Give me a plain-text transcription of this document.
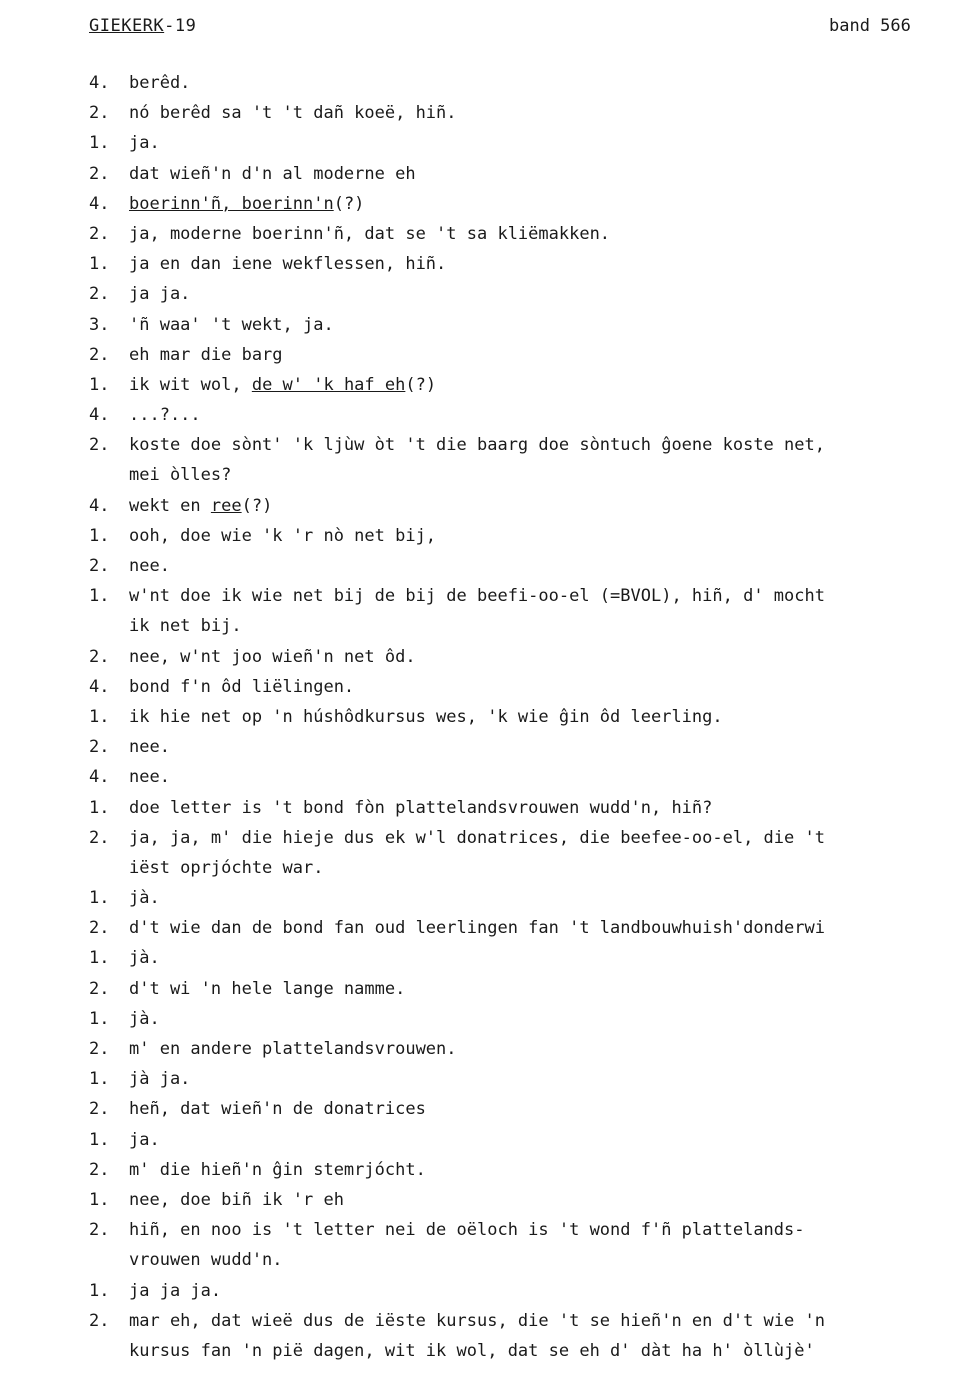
GIEKERK-19	band 566
4.	berêd.
2.	nó berêd sa 't 't dañ koeë, hiñ.
1.	ja.
2.	dat wieñ'n d'n al moderne eh
4.	boerinn'ñ, boerinn'n(?)
2.	ja, moderne boerinn'ñ, dat se 't sa kliëmakken.
1.	ja en dan iene wekflessen, hiñ.
2.	ja ja.
3.	'ñ waa' 't wekt, ja.
2.	eh mar die barg
1.	ik wit wol, de w' 'k haf eh(?)
4.	...?...
2.	koste doe sònt' 'k ljùw òt 't die baarg doe sòntuch ĝoene koste net,
mei òlles?
4.	wekt en ree(?)
1.	ooh, doe wie 'k 'r nò net bij,
2.	nee.
1.	w'nt doe ik wie net bij de bij de beefi-oo-el (=BVOL), hiñ, d' mocht
ik net bij.
2.	nee, w'nt joo wieñ'n net ôd.
4.	bond f'n ôd liëlingen.
1.	ik hie net op 'n húshôdkursus wes, 'k wie ĝin ôd leerling.
2.	nee.
4.	nee.
1.	doe letter is 't bond fòn plattelandsvrouwen wudd'n, hiñ?
2.	ja, ja, m' die hieje dus ek w'l donatrices, die beefee-oo-el, die 't
iëst oprjóchte war.
1.	jà.
2.	d't wie dan de bond fan oud leerlingen fan 't landbouwhuish'donderwi
1.	jà.
2.	d't wi 'n hele lange namme.
1.	jà.
2.	m' en andere plattelandsvrouwen.
1.	jà ja.
2.	heñ, dat wieñ'n de donatrices
1.	ja.
2.	m' die hieñ'n ĝin stemrjócht.
1.	nee, doe biñ ik 'r eh
2.	hiñ, en noo is 't letter nei de oëloch is 't wond f'ñ plattelands-
vrouwen wudd'n.
1.	ja ja ja.
2.	mar eh, dat wieë dus de iëste kursus, die 't se hieñ'n en d't wie 'n
kursus fan 'n pië dagen, wit ik wol, dat se eh d' dàt ha h' òllùjè'
